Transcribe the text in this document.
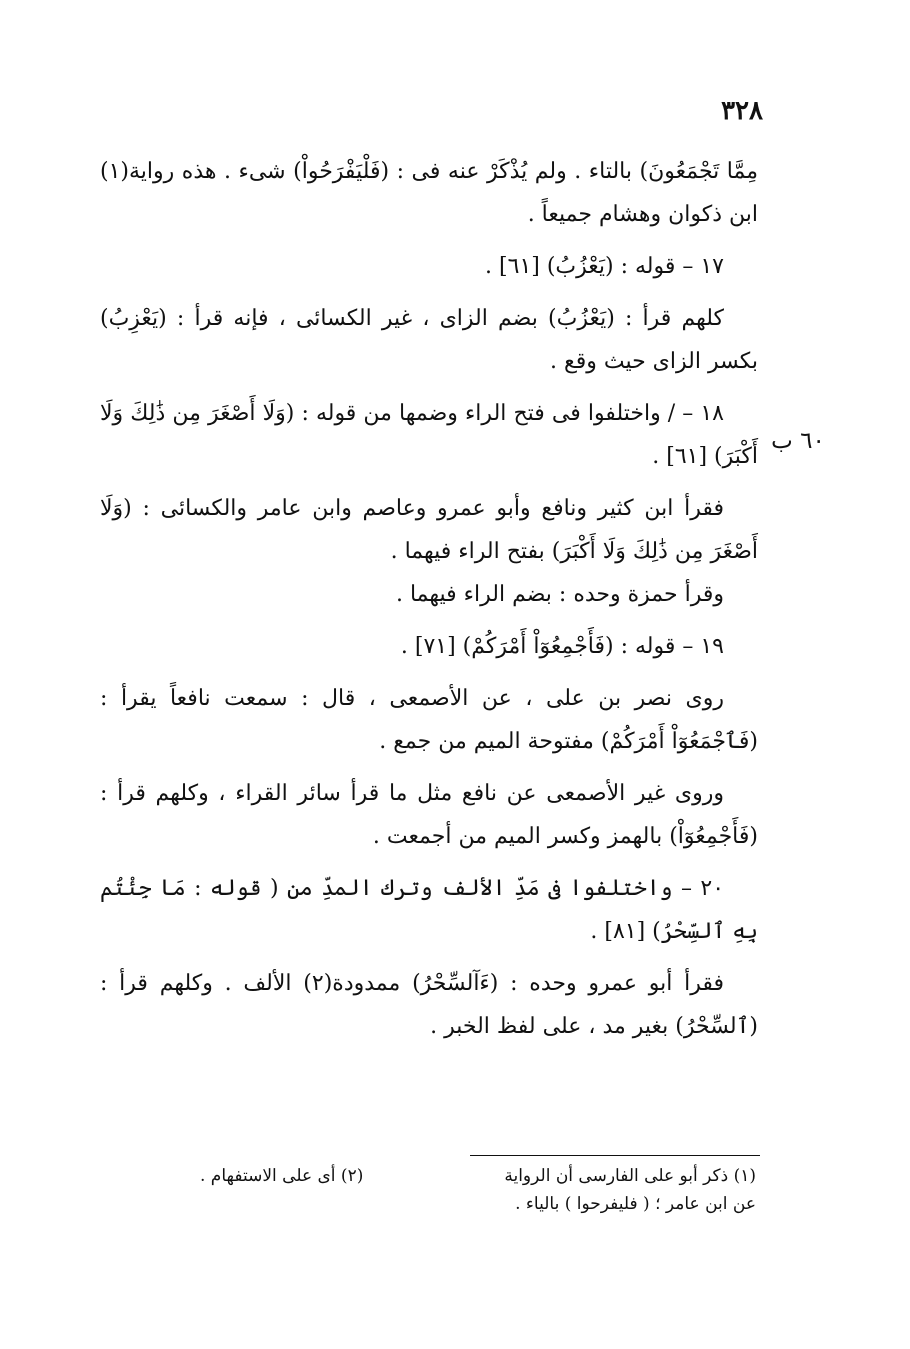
٣٢٨
٦٠ ب

مِمَّا تَجْمَعُونَ) بالتاء . ولم يُذْكَرْ عنه فى : (فَلْيَفْرَحُواْ) شىء . هذه رواية(١) ابن ذكوان وهشام جميعاً .

١٧ – قوله : (يَعْزُبُ) [٦١] .

كلهم قرأ : (يَعْزُبُ) بضم الزاى ، غير الكسائى ، فإنه قرأ : (يَعْزِبُ) بكسر الزاى حيث وقع .

١٨ – / واختلفوا فى فتح الراء وضمها من قوله : (وَلَا أَصْغَرَ مِن ذَٰلِكَ وَلَا أَكْبَرَ) [٦١] .

فقرأ ابن كثير ونافع وأبو عمرو وعاصم وابن عامر والكسائى : (وَلَا أَصْغَرَ مِن ذَٰلِكَ وَلَا أَكْبَرَ) بفتح الراء فيهما .

وقرأ حمزة وحده : بضم الراء فيهما .

١٩ – قوله : (فَأَجْمِعُوٓاْ أَمْرَكُمْ) [٧١] .

روى نصر بن على ، عن الأصمعى ، قال : سمعت نافعاً يقرأ : (فَٱجْمَعُوٓاْ أَمْرَكُمْ) مفتوحة الميم من جمع .

وروى غير الأصمعى عن نافع مثل ما قرأ سائر القراء ، وكلهم قرأ : (فَأَجْمِعُوٓاْ) بالهمز وكسر الميم من أجمعت .

٢٠ – واختلفوا فى مَدِّ الألف وترك المدِّ من ( قوله : مَا جِئْتُم بِهِ ٱلسِّحْرُ) [٨١] .

فقرأ أبو عمرو وحده : (ءَآلسِّحْرُ) ممدودة(٢) الألف . وكلهم قرأ : (ٱلسِّحْرُ) بغير مد ، على لفظ الخبر .

(١) ذكر أبو على الفارسى أن الرواية
(٢) أى على الاستفهام .
عن ابن عامر ؛ ( فليفرحوا ) بالياء .
